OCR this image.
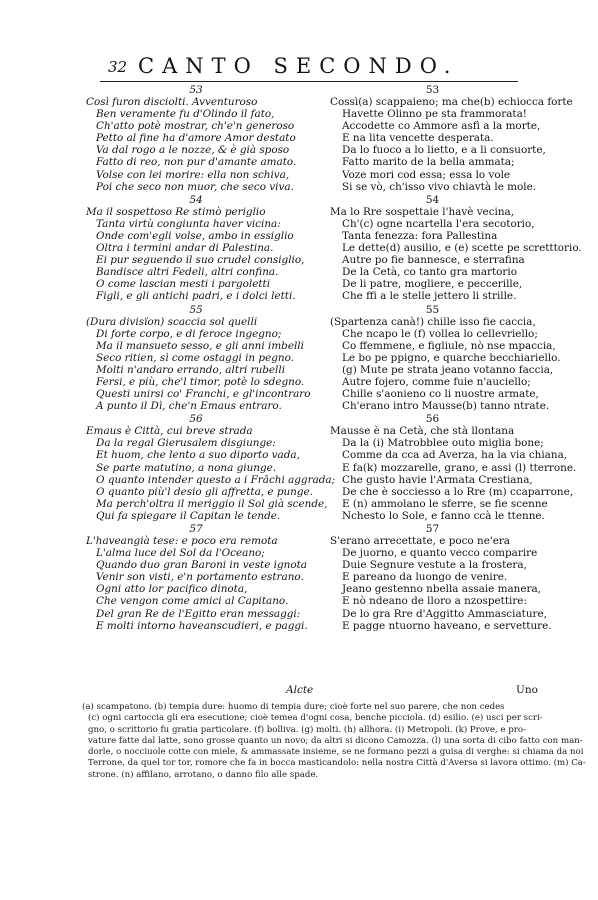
32 CANTO SECONDO.
53
Così furon disciolti. Avventuroso
Ben veramente fu d'Olindo il fato,
Ch'atto potè mostrar, ch'e'n generoso
Petto al fine ha d'amore Amor destato
Va dal rogo a le nozze, & è già sposo
Fatto di reo, non pur d'amante amato.
Volse con lei morire: ella non schiva,
Poi che seco non muor, che seco viva.
54
Ma il sospettoso Re stimò periglio
Tanta virtù congiunta haver vicina:
Onde com'egli volse, ambo in essiglio
Oltra i termini andar di Palestina.
Ei pur seguendo il suo crudel consiglio,
Bandisce altri Fedeli, altri confina.
O come lascian mesti i pargoletti
Figli, e gli antichi padri, e i dolci letti.
55
(Dura divisïon) scaccia sol quelli
Di forte corpo, e di feroce ingegno;
Ma il mansueto sesso, e gli anni imbelli
Seco ritien, sì come ostaggi in pegno.
Molti n'andaro errando, altri rubelli
Fersi, e più, che'l timor, potè lo sdegno.
Questi unirsi co' Franchi, e gl'incontraro
A punto il Dì, che'n Emaus entraro.
56
Emaus è Città, cui breve strada
Da la regal Gierusalem disgiunge:
Et huom, che lento a suo diporto vada,
Se parte matutino, a nona giunge.
O quanto intender questo a i Frāchi aggrada;
O quanto più'l desio gli affretta, e punge.
Ma perch'oltra il meriggio il Sol già scende,
Qui fa spiegare il Capitan le tende.
57
L'haveangià tese: e poco era remota
L'alma luce del Sol da l'Oceano;
Quando duo gran Baroni in veste ignota
Venir son visti, e'n portamento estrano.
Ogni atto lor pacifico dinota,
Che vengon come amici al Capitano.
Del gran Re de l'Egitto eran messaggi:
E molti intorno haveanscudieri, e paggi.
53
Cossì(a) scappaieno; ma che(b) echiocca forte
Havette Olinno pe sta frammorata!
Accodette co Ammore asfì a la morte,
E na lita vencette desperata.
Da lo fuoco a lo lietto, e a li consuorte,
Fatto marito de la bella ammata;
Voze mori cod essa; essa lo vole
Si se vò, ch'isso vivo chiavtà le mole.
54
Ma lo Rre sospettaie l'havè vecina,
Ch'(c) ogne ncartella l'era secotorio,
Tanta fenezza: fora Pallestina
Le dette(d) ausilio, e (e) scette pe scretttorio.
Autre po fie bannesce, e sterrafina
De la Cetà, co tanto gra martorio
De li patre, mogliere, e peccerille,
Che ffi a le stelle jettero li strille.
55
(Spartenza canà!) chille isso fie caccia,
Che ncapo le (f) vollea lo cellevriello;
Co ffemmene, e figliule, nò nse mpaccia,
Le bo pe ppigno, e quarche becchiariello.
(g) Mute pe strata jeano votanno faccia,
Autre fojero, comme fuie n'auciello;
Chille s'aonieno co li nuostre armate,
Ch'erano intro Mausse(b) tanno ntrate.
56
Mausse è na Cetà, che stà llontana
Da la (i) Matrobblee outo miglia bone;
Comme da cca ad Averza, ha la via chiana,
E fa(k) mozzarelle, grano, e assi (l) tterrone.
Che gusto havie l'Armata Crestiana,
De che è socciesso a lo Rre (m) ccaparrone,
E (n) ammolano le sferre, se fie scenne
Nchesto lo Sole, e fanno ccà le ttenne.
57
S'erano arrecettate, e poco ne'era
De juorno, e quanto vecco comparire
Duie Segnure vestute a la frostera,
E pareano da luongo de venire.
Jeano gestenno nbella assaie manera,
E nò ndeano de lloro a nzospettire:
De lo gra Rre d'Aggitto Ammasciature,
E pagge ntuorno haveano, e servetture.
Alcte	Uno
(a) scampatono. (b) tempia dure: huomo di tempia dure; cioè forte nel suo parere, che non cedes
(c) ogni cartoccia gli era esecutione; cioè temea d'ogni cosa, benche picciola. (d) esilio. (e) usci per scri-
gno, o scrittorio fu gratia particolare. (f) bolliva. (g) molti. (h) allhora. (i) Metropoli. (k) Prove, e pro-
vature fatte dal latte, sono grosse quanto un novo; da altri si dicono Camozza. (l) una sorta di cibo fatto con man-
dorle, o nocciuole cotte con miele, & ammassate insieme, se ne formano pezzi a guisa di verghe: si chiama da noi
Terrone, da quel tor tor, romore che fa in bocca masticandolo: nella nostra Città d'Aversa si lavora ottimo. (m) Ca-
strone. (n) affilano, arrotano, o danno filo alle spade.
